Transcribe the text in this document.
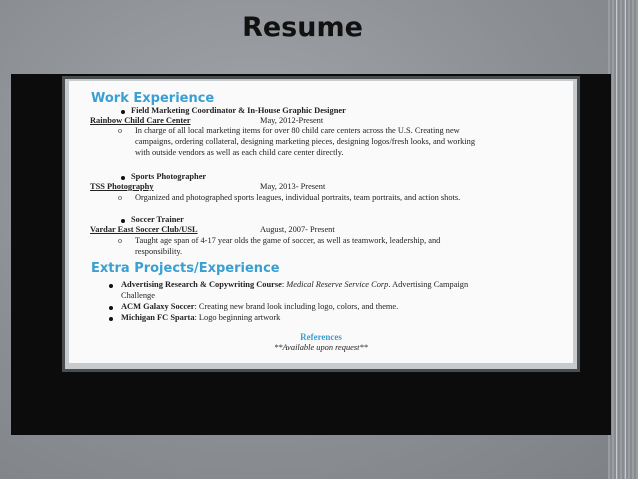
Resume
Work Experience
Field Marketing Coordinator & In-House Graphic Designer
Rainbow Child Care Center	May, 2012-Present
o In charge of all local marketing items for over 80 child care centers across the U.S. Creating new
campaigns, ordering collateral, designing marketing pieces, designing logos/fresh looks, and working
with outside vendors as well as each child care center directly.
Sports Photographer
TSS Photography	May, 2013- Present
o Organized and photographed sports leagues, individual portraits, team portraits, and action shots.
Soccer Trainer
Vardar East Soccer Club/USL	August, 2007- Present
o Taught age span of 4-17 year olds the game of soccer, as well as teamwork, leadership, and
responsibility.
Extra Projects/Experience
Advertising Research & Copywriting Course: Medical Reserve Service Corp. Advertising Campaign
Challenge
ACM Galaxy Soccer: Creating new brand look including logo, colors, and theme.
Michigan FC Sparta: Logo beginning artwork
References
**Available upon request**
